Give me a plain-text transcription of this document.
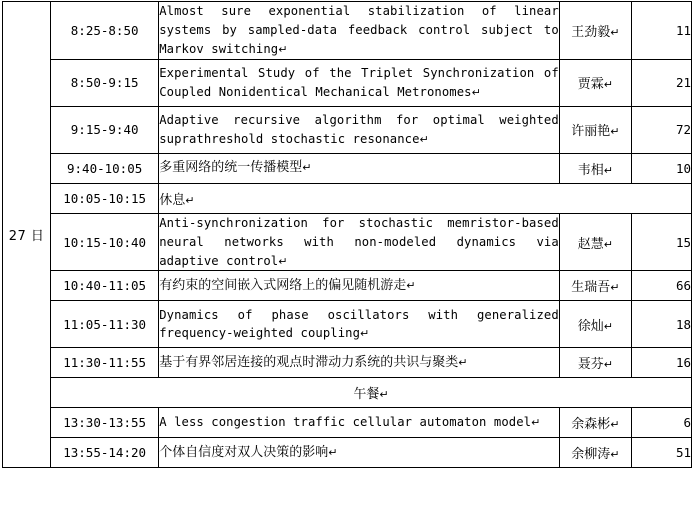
27 日	8:25-8:50	Almost sure exponential stabilization of linear systems by sampled-data feedback control subject to Markov switching↵	王劲毅↵	11
	8:50-9:15	Experimental Study of the Triplet Synchronization of Coupled Nonidentical Mechanical Metronomes↵	贾霖↵	21
	9:15-9:40	Adaptive recursive algorithm for optimal weighted suprathreshold stochastic resonance↵	许丽艳↵	72
	9:40-10:05	多重网络的统一传播模型↵	韦相↵	10
	10:05-10:15	休息↵		
	10:15-10:40	Anti-synchronization for stochastic memristor-based neural networks with non-modeled dynamics via adaptive control↵	赵慧↵	15
	10:40-11:05	有约束的空间嵌入式网络上的偏见随机游走↵	生瑞吾↵	66
	11:05-11:30	Dynamics of phase oscillators with generalized frequency-weighted coupling↵	徐灿↵	18
	11:30-11:55	基于有界邻居连接的观点时滞动力系统的共识与聚类↵	聂芬↵	16
	午餐↵			
	13:30-13:55	A less congestion traffic cellular automaton model↵	余森彬↵	6
	13:55-14:20	个体自信度对双人决策的影响↵	余柳涛↵	51
